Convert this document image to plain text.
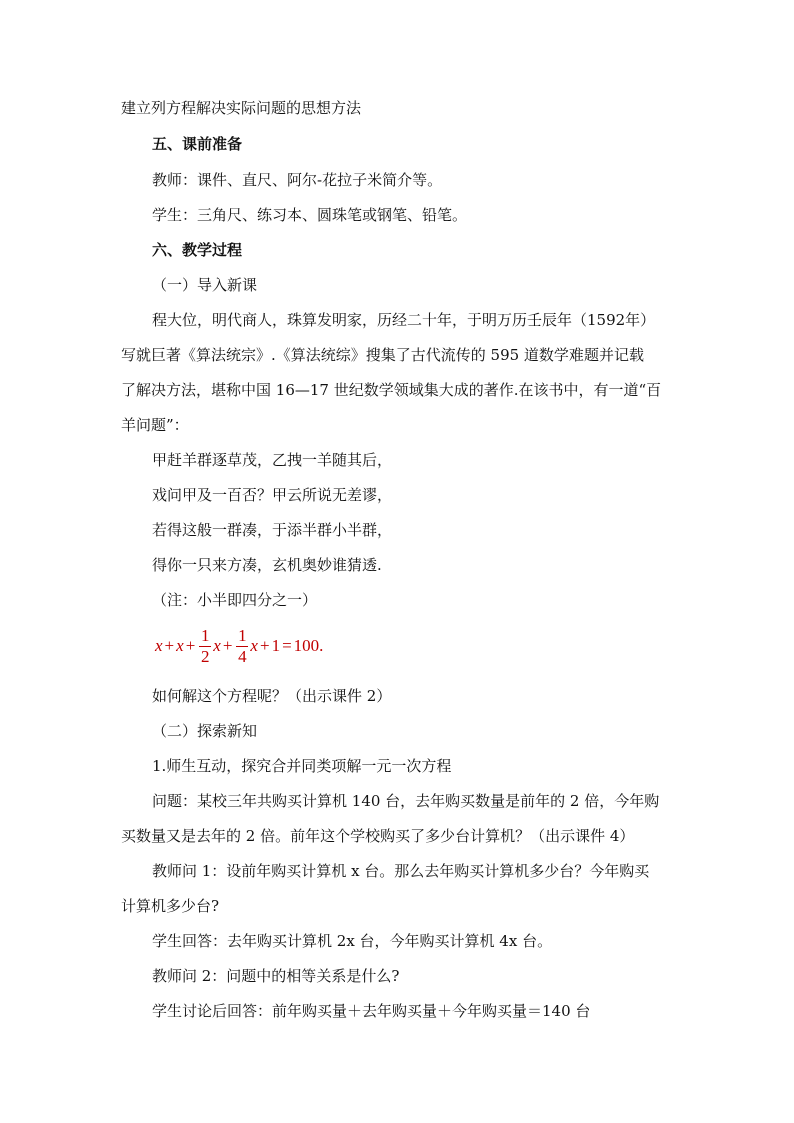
建立列方程解决实际问题的思想方法
五、课前准备
教师：课件、直尺、阿尔-花拉子米简介等。
学生：三角尺、练习本、圆珠笔或钢笔、铅笔。
六、教学过程
（一）导入新课
程大位，明代商人，珠算发明家，历经二十年，于明万历壬辰年（1592年）
写就巨著《算法统宗》.《算法统综》搜集了古代流传的 595 道数学难题并记载
了解决方法，堪称中国 16—17 世纪数学领域集大成的著作.在该书中，有一道“百
羊问题”：
甲赶羊群逐草茂，乙拽一羊随其后，
戏问甲及一百否？甲云所说无差谬，
若得这般一群凑，于添半群小半群，
得你一只来方凑，玄机奥妙谁猜透.
（注：小半即四分之一）
$x + x + \frac{1}{2}$ $x + \frac{1}{4}$ x + 1 = 100.
如何解这个方程呢？（出示课件 2）
（二）探索新知
1.师生互动，探究合并同类项解一元一次方程
问题：某校三年共购买计算机 140 台，去年购买数量是前年的 2 倍，今年购
买数量又是去年的 2 倍。前年这个学校购买了多少台计算机？（出示课件 4）
教师问 1：设前年购买计算机 x 台。那么去年购买计算机多少台？今年购买
计算机多少台?
学生回答：去年购买计算机 2x 台，今年购买计算机 4x 台。
教师问 2：问题中的相等关系是什么?
学生讨论后回答：前年购买量＋去年购买量＋今年购买量＝140 台
